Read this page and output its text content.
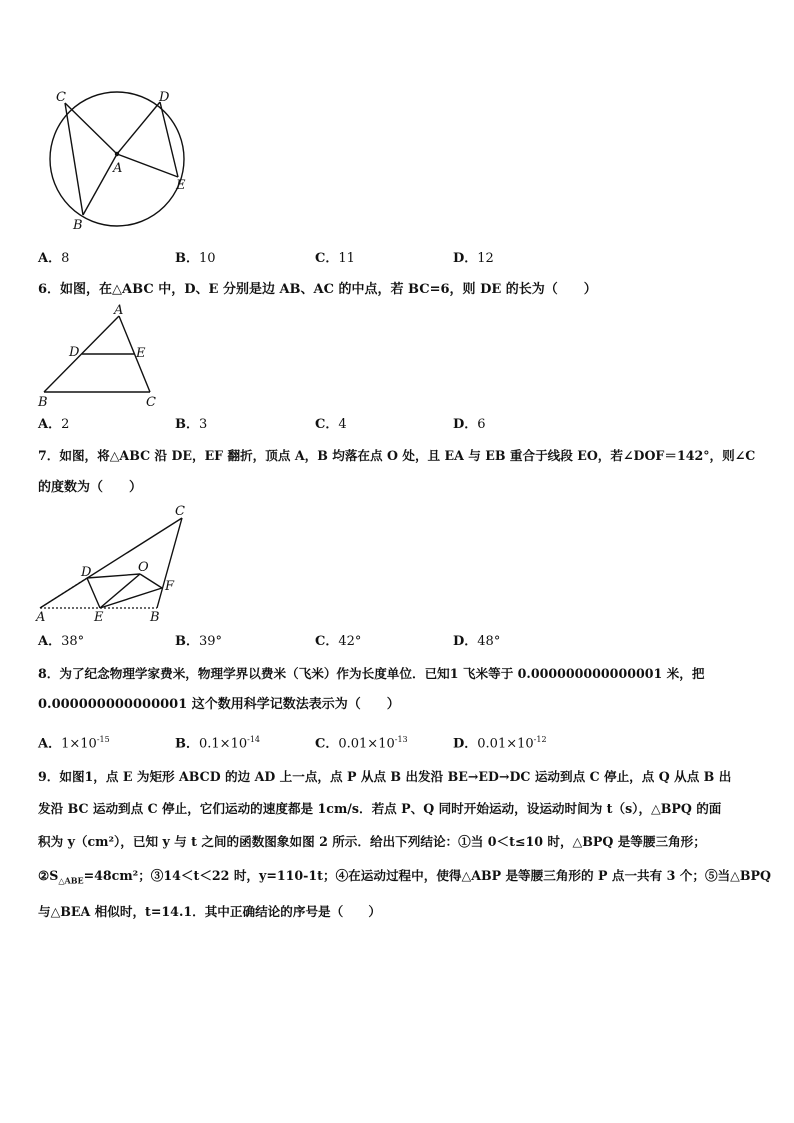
C	D
A
E
B
A．8	B．10	C．11	D．12
6．如图，在△ABC 中，D、E 分别是边 AB、AC 的中点，若 BC=6，则 DE 的长为（　　）
A
D	E
B	C
A．2	B．3	C．4	D．6
7．如图，将△ABC 沿 DE，EF 翻折，顶点 A，B 均落在点 O 处，且 EA 与 EB 重合于线段 EO，若∠DOF＝142°，则∠C
的度数为（　　）
C
D	O
F
A	E	B
A．38°	B．39°	C．42°	D．48°
8．为了纪念物理学家费米，物理学界以费米（飞米）作为长度单位．已知1 飞米等于 0.000000000000001 米，把
0.000000000000001 这个数用科学记数法表示为（　　）
A．$1\times 10^{-15}$	B．$0.1\times 10^{-14}$	C．$0.01\times 10^{-13}$	D．$0.01\times 10^{-12}$
9．如图1，点 E 为矩形 ABCD 的边 AD 上一点，点 P 从点 B 出发沿 BE→ED→DC 运动到点 C 停止，点 Q 从点 B 出
发沿 BC 运动到点 C 停止，它们运动的速度都是 1cm/s．若点 P、Q 同时开始运动，设运动时间为 t（s），△BPQ 的面
积为 y（cm²），已知 y 与 t 之间的函数图象如图 2 所示．给出下列结论：①当 0＜t≤10 时，△BPQ 是等腰三角形；
$②S_{\triangle ABE}=48cm^2$；③14＜t＜22 时，y=110-1t；④在运动过程中，使得△ABP 是等腰三角形的 P 点一共有 3 个；⑤当△BPQ
与△BEA 相似时，t=14.1．其中正确结论的序号是（　　）
